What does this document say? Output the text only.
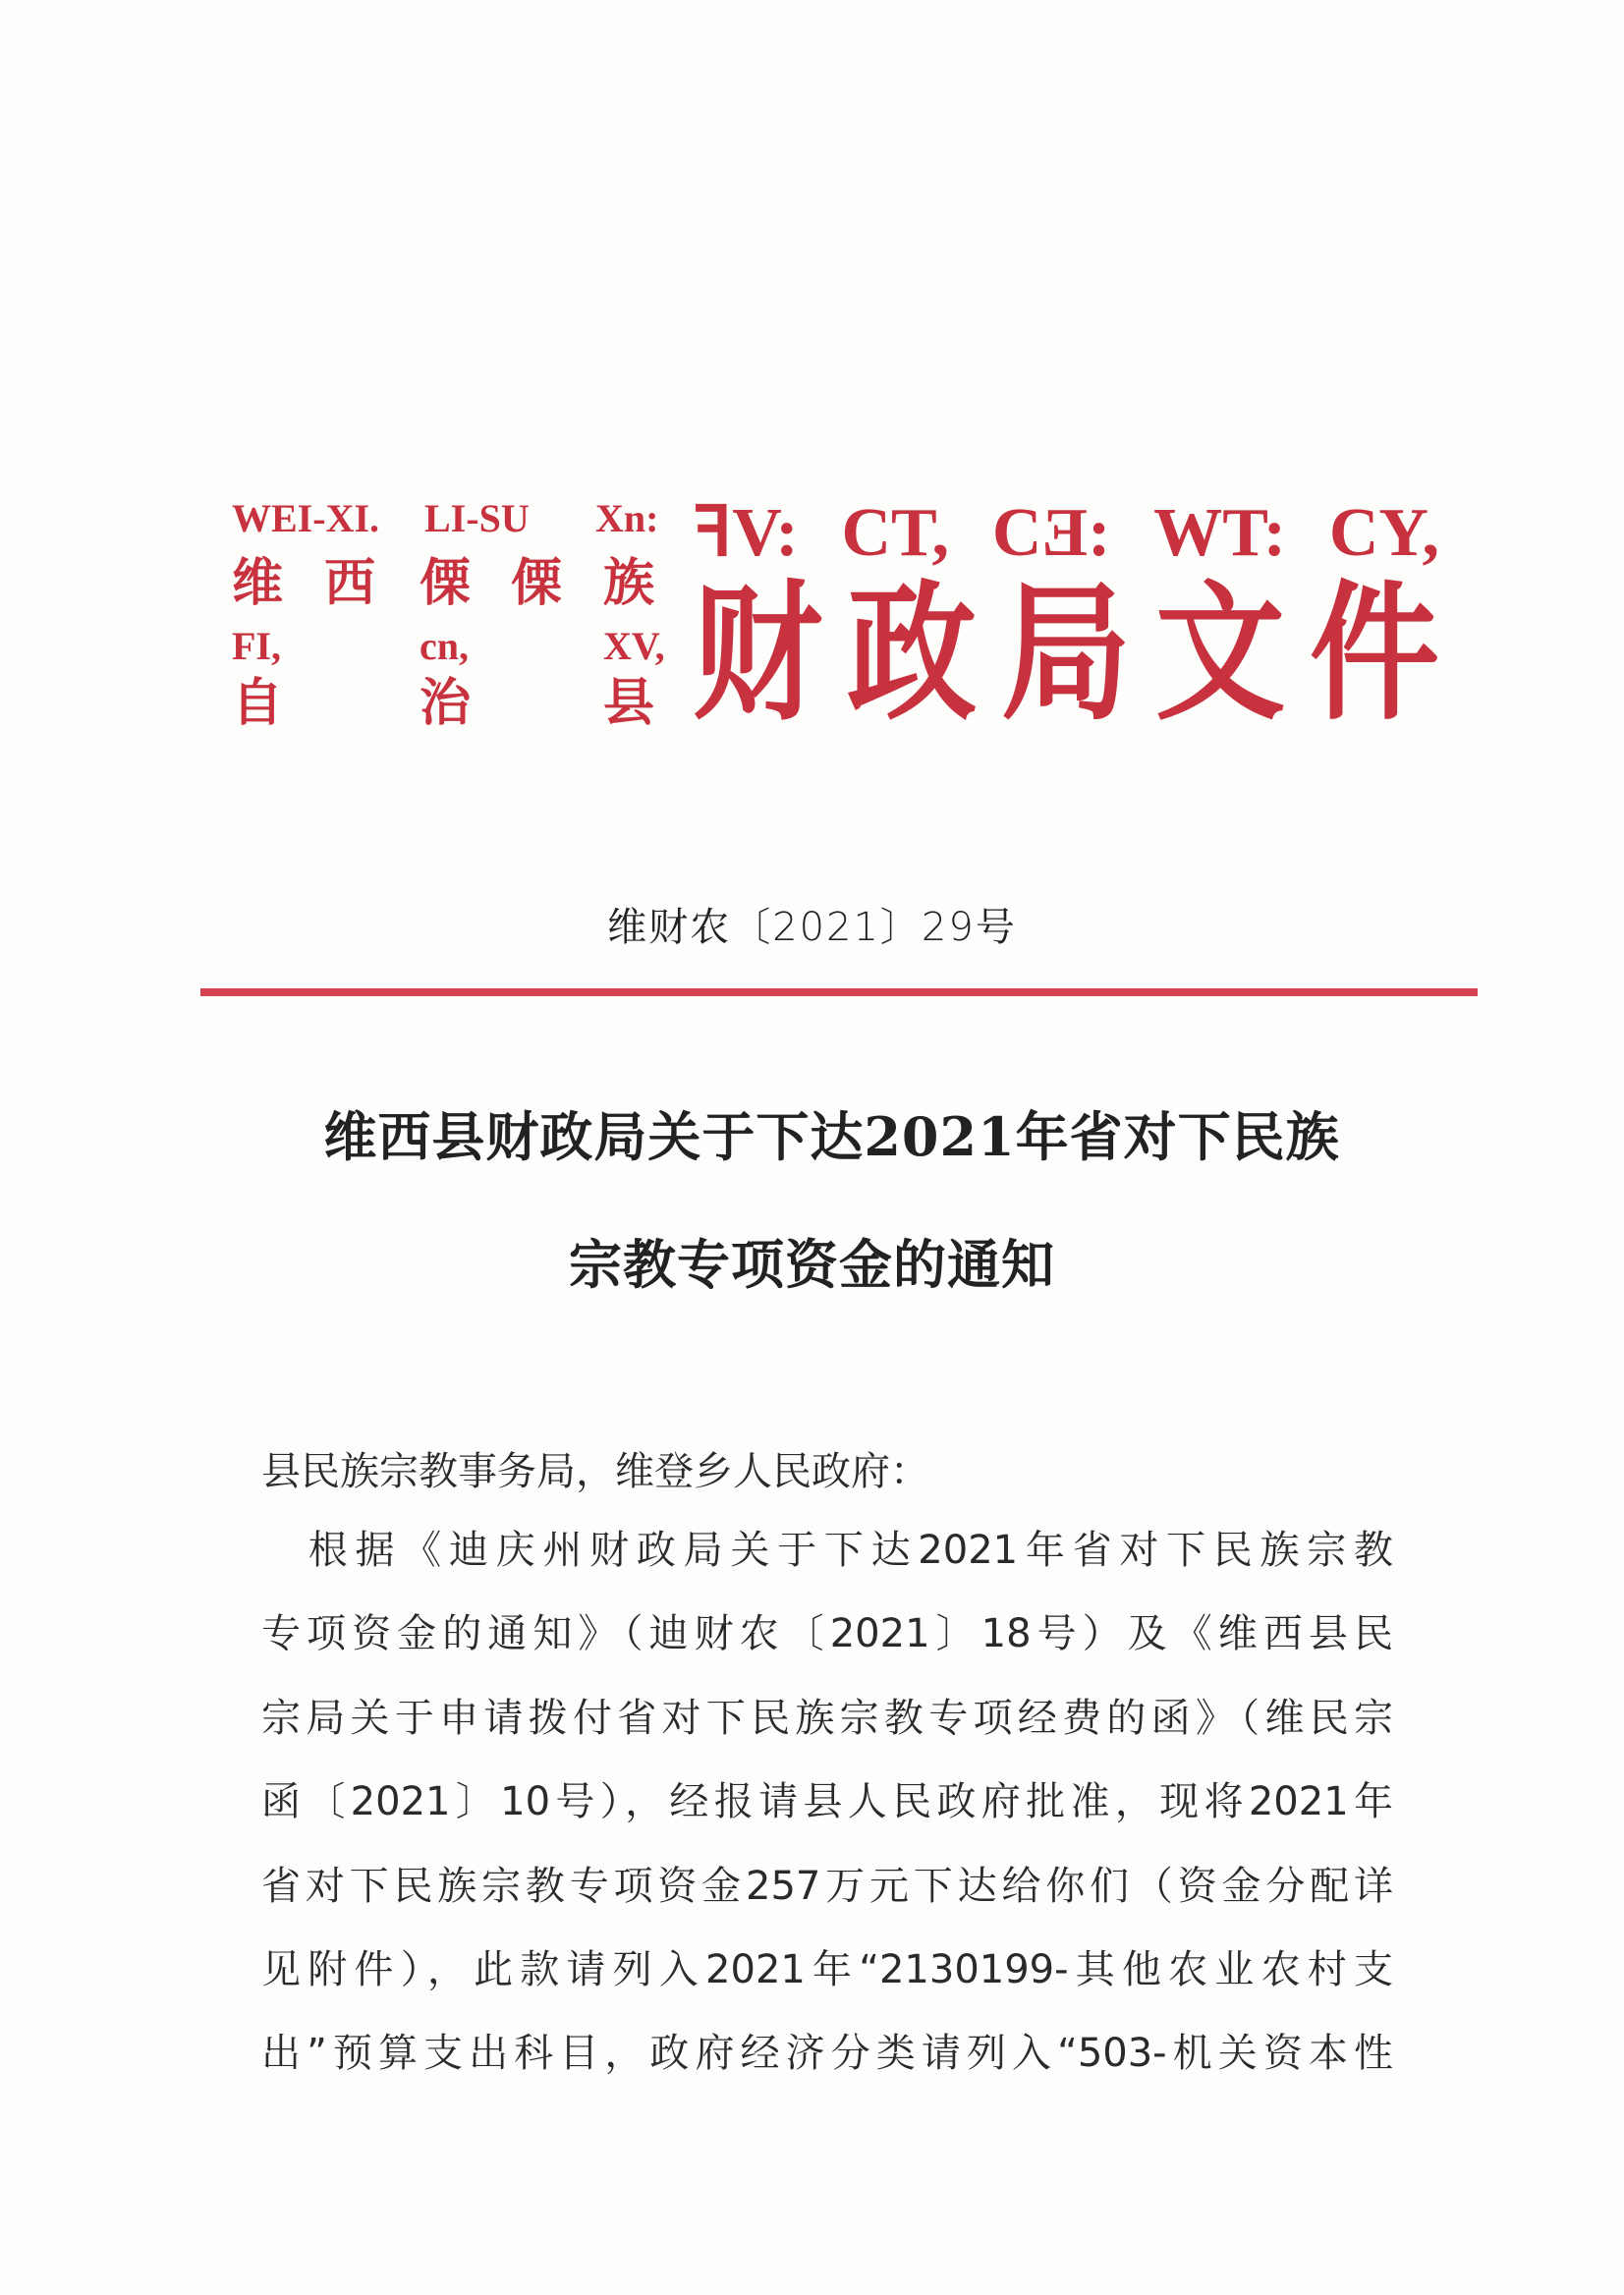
WEI-XI. LI-SU Xn:
维 西 傈 傈 族
FI,	cn,	XV,
自	治	县
ꟻV: CT, CƎ: WT: CY,
财 政 局 文 件
维财农〔2021〕29号
维西县财政局关于下达2021年省对下民族
宗教专项资金的通知
县民族宗教事务局，维登乡人民政府：
　根据《迪庆州财政局关于下达2021年省对下民族宗教
专项资金的通知》（迪财农〔2021〕18号）及《维西县民
宗局关于申请拨付省对下民族宗教专项经费的函》（维民宗
函〔2021〕10号），经报请县人民政府批准，现将2021年
省对下民族宗教专项资金257万元下达给你们（资金分配详
见附件），此款请列入2021年“2130199-其他农业农村支
出”预算支出科目，政府经济分类请列入“503-机关资本性
